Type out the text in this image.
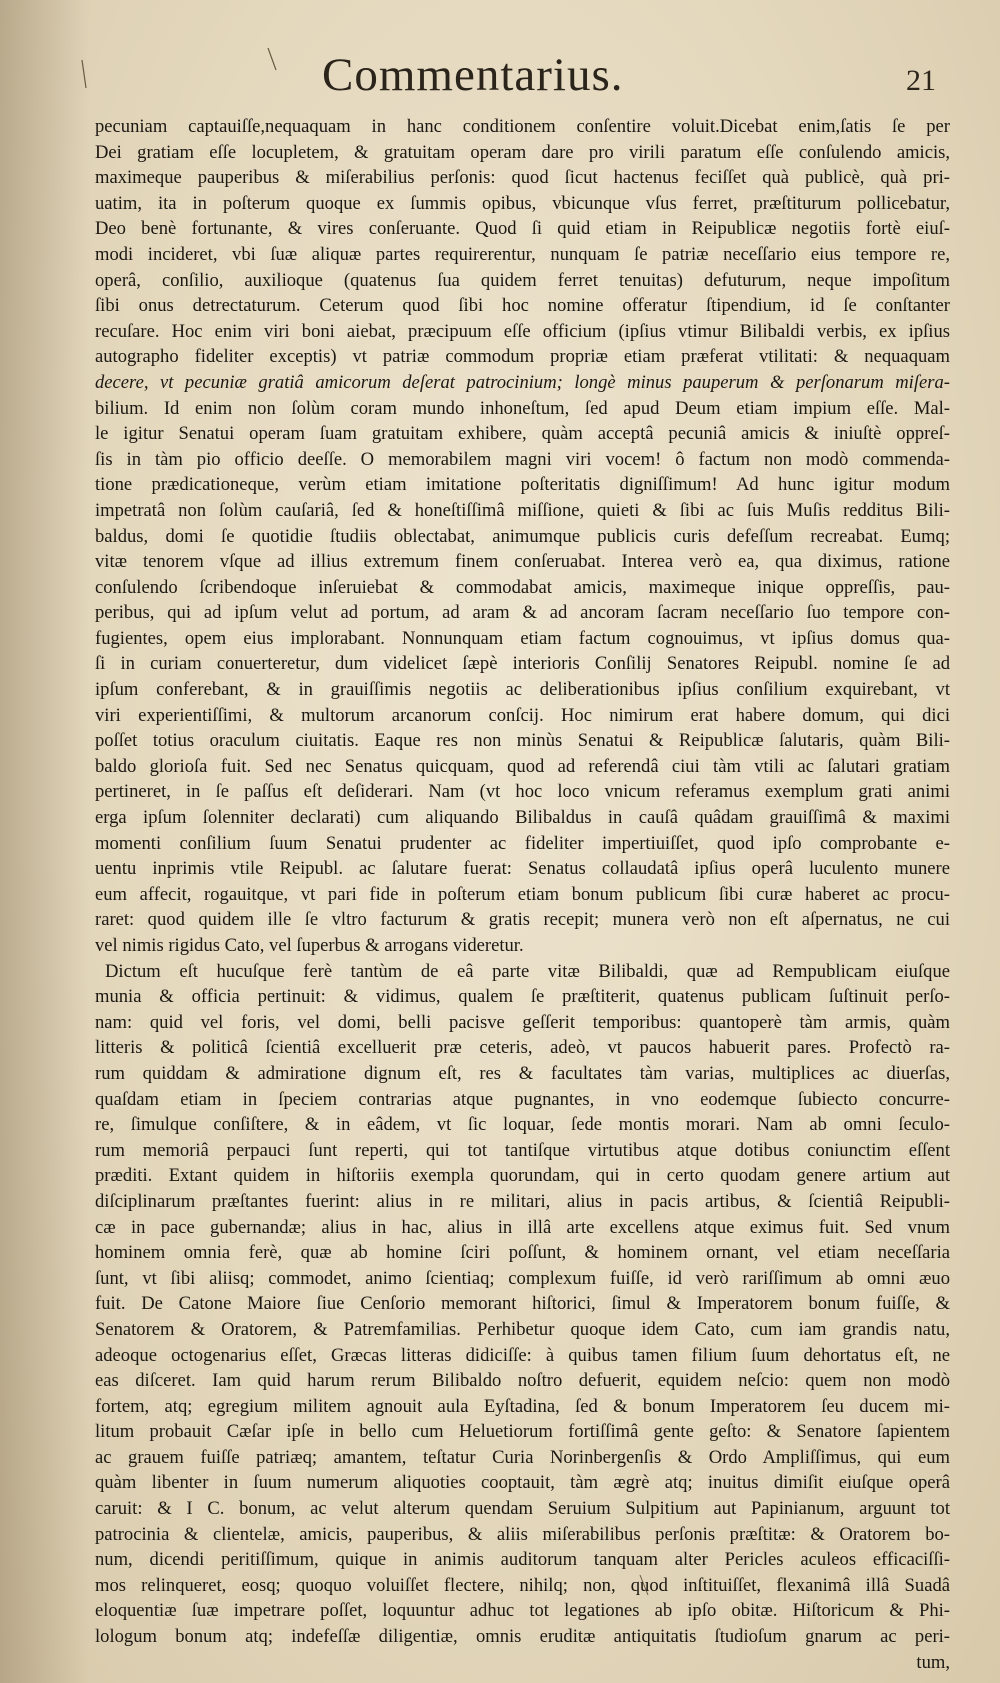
Commentarius.	21
pecuniam captauiſſe,nequaquam in hanc conditionem conſentire voluit.Dicebat enim,ſatis ſe per
Dei gratiam eſſe locupletem, & gratuitam operam dare pro virili paratum eſſe conſulendo amicis,
maximeque pauperibus & miſerabilius perſonis: quod ſicut hactenus feciſſet quà publicè, quà pri-
uatim, ita in poſterum quoque ex ſummis opibus, vbicunque vſus ferret, præſtiturum pollicebatur,
Deo benè fortunante, & vires conſeruante. Quod ſi quid etiam in Reipublicæ negotiis fortè eiuſ-
modi incideret, vbi ſuæ aliquæ partes requirerentur, nunquam ſe patriæ neceſſario eius tempore re,
operâ, conſilio, auxilioque (quatenus ſua quidem ferret tenuitas) defuturum, neque impoſitum
ſibi onus detrectaturum. Ceterum quod ſibi hoc nomine offeratur ſtipendium, id ſe conſtanter
recuſare. Hoc enim viri boni aiebat, præcipuum eſſe officium (ipſius vtimur Bilibaldi verbis, ex ipſius
autographo fideliter exceptis) vt patriæ commodum propriæ etiam præferat vtilitati: & nequaquam
decere, vt pecuniæ gratiâ amicorum deſerat patrocinium; longè minus pauperum & perſonarum miſera-
bilium. Id enim non ſolùm coram mundo inhoneſtum, ſed apud Deum etiam impium eſſe. Mal-
le igitur Senatui operam ſuam gratuitam exhibere, quàm acceptâ pecuniâ amicis & iniuſtè oppreſ-
ſis in tàm pio officio deeſſe. O memorabilem magni viri vocem! ô factum non modò commenda-
tione prædicationeque, verùm etiam imitatione poſteritatis digniſſimum! Ad hunc igitur modum
impetratâ non ſolùm cauſariâ, ſed & honeſtiſſimâ miſſione, quieti & ſibi ac ſuis Muſis redditus Bili-
baldus, domi ſe quotidie ſtudiis oblectabat, animumque publicis curis defeſſum recreabat. Eumq;
vitæ tenorem vſque ad illius extremum finem conſeruabat. Interea verò ea, qua diximus, ratione
conſulendo ſcribendoque inſeruiebat & commodabat amicis, maximeque inique oppreſſis, pau-
peribus, qui ad ipſum velut ad portum, ad aram & ad ancoram ſacram neceſſario ſuo tempore con-
fugientes, opem eius implorabant. Nonnunquam etiam factum cognouimus, vt ipſius domus qua-
ſi in curiam conuerteretur, dum videlicet ſæpè interioris Conſilij Senatores Reipubl. nomine ſe ad
ipſum conferebant, & in grauiſſimis negotiis ac deliberationibus ipſius conſilium exquirebant, vt
viri experientiſſimi, & multorum arcanorum conſcij. Hoc nimirum erat habere domum, qui dici
poſſet totius oraculum ciuitatis. Eaque res non minùs Senatui & Reipublicæ ſalutaris, quàm Bili-
baldo glorioſa fuit. Sed nec Senatus quicquam, quod ad referendâ ciui tàm vtili ac ſalutari gratiam
pertineret, in ſe paſſus eſt deſiderari. Nam (vt hoc loco vnicum referamus exemplum grati animi
erga ipſum ſolenniter declarati) cum aliquando Bilibaldus in cauſâ quâdam grauiſſimâ & maximi
momenti conſilium ſuum Senatui prudenter ac fideliter impertiuiſſet, quod ipſo comprobante e-
uentu inprimis vtile Reipubl. ac ſalutare fuerat: Senatus collaudatâ ipſius operâ luculento munere
eum affecit, rogauitque, vt pari fide in poſterum etiam bonum publicum ſibi curæ haberet ac procu-
raret: quod quidem ille ſe vltro facturum & gratis recepit; munera verò non eſt aſpernatus, ne cui
vel nimis rigidus Cato, vel ſuperbus & arrogans videretur.
Dictum eſt hucuſque ferè tantùm de eâ parte vitæ Bilibaldi, quæ ad Rempublicam eiuſque
munia & officia pertinuit: & vidimus, qualem ſe præſtiterit, quatenus publicam ſuſtinuit perſo-
nam: quid vel foris, vel domi, belli pacisve geſſerit temporibus: quantoperè tàm armis, quàm
litteris & politicâ ſcientiâ excelluerit præ ceteris, adeò, vt paucos habuerit pares. Profectò ra-
rum quiddam & admiratione dignum eſt, res & facultates tàm varias, multiplices ac diuerſas,
quaſdam etiam in ſpeciem contrarias atque pugnantes, in vno eodemque ſubiecto concurre-
re, ſimulque conſiſtere, & in eâdem, vt ſic loquar, ſede montis morari. Nam ab omni ſeculo-
rum memoriâ perpauci ſunt reperti, qui tot tantiſque virtutibus atque dotibus coniunctim eſſent
præditi. Extant quidem in hiſtoriis exempla quorundam, qui in certo quodam genere artium aut
diſciplinarum præſtantes fuerint: alius in re militari, alius in pacis artibus, & ſcientiâ Reipubli-
cæ in pace gubernandæ; alius in hac, alius in illâ arte excellens atque eximus fuit. Sed vnum
hominem omnia ferè, quæ ab homine ſciri poſſunt, & hominem ornant, vel etiam neceſſaria
ſunt, vt ſibi aliisq; commodet, animo ſcientiaq; complexum fuiſſe, id verò rariſſimum ab omni æuo
fuit. De Catone Maiore ſiue Cenſorio memorant hiſtorici, ſimul & Imperatorem bonum fuiſſe, &
Senatorem & Oratorem, & Patremfamilias. Perhibetur quoque idem Cato, cum iam grandis natu,
adeoque octogenarius eſſet, Græcas litteras didiciſſe: à quibus tamen filium ſuum dehortatus eſt, ne
eas diſceret. Iam quid harum rerum Bilibaldo noſtro defuerit, equidem neſcio: quem non modò
fortem, atq; egregium militem agnouit aula Eyſtadina, ſed & bonum Imperatorem ſeu ducem mi-
litum probauit Cæſar ipſe in bello cum Heluetiorum fortiſſimâ gente geſto: & Senatore ſapientem
ac grauem fuiſſe patriæq; amantem, teſtatur Curia Norinbergenſis & Ordo Ampliſſimus, qui eum
quàm libenter in ſuum numerum aliquoties cooptauit, tàm ægrè atq; inuitus dimiſit eiuſque operâ
caruit: & I C. bonum, ac velut alterum quendam Seruium Sulpitium aut Papinianum, arguunt tot
patrocinia & clientelæ, amicis, pauperibus, & aliis miſerabilibus perſonis præſtitæ: & Oratorem bo-
num, dicendi peritiſſimum, quique in animis auditorum tanquam alter Pericles aculeos efficaciſſi-
mos relinqueret, eosq; quoquo voluiſſet flectere, nihilq; non, quod inſtituiſſet, flexanimâ illâ Suadâ
eloquentiæ ſuæ impetrare poſſet, loquuntur adhuc tot legationes ab ipſo obitæ. Hiſtoricum & Phi-
lologum bonum atq; indefeſſæ diligentiæ, omnis eruditæ antiquitatis ſtudioſum gnarum ac peri-
tum,
